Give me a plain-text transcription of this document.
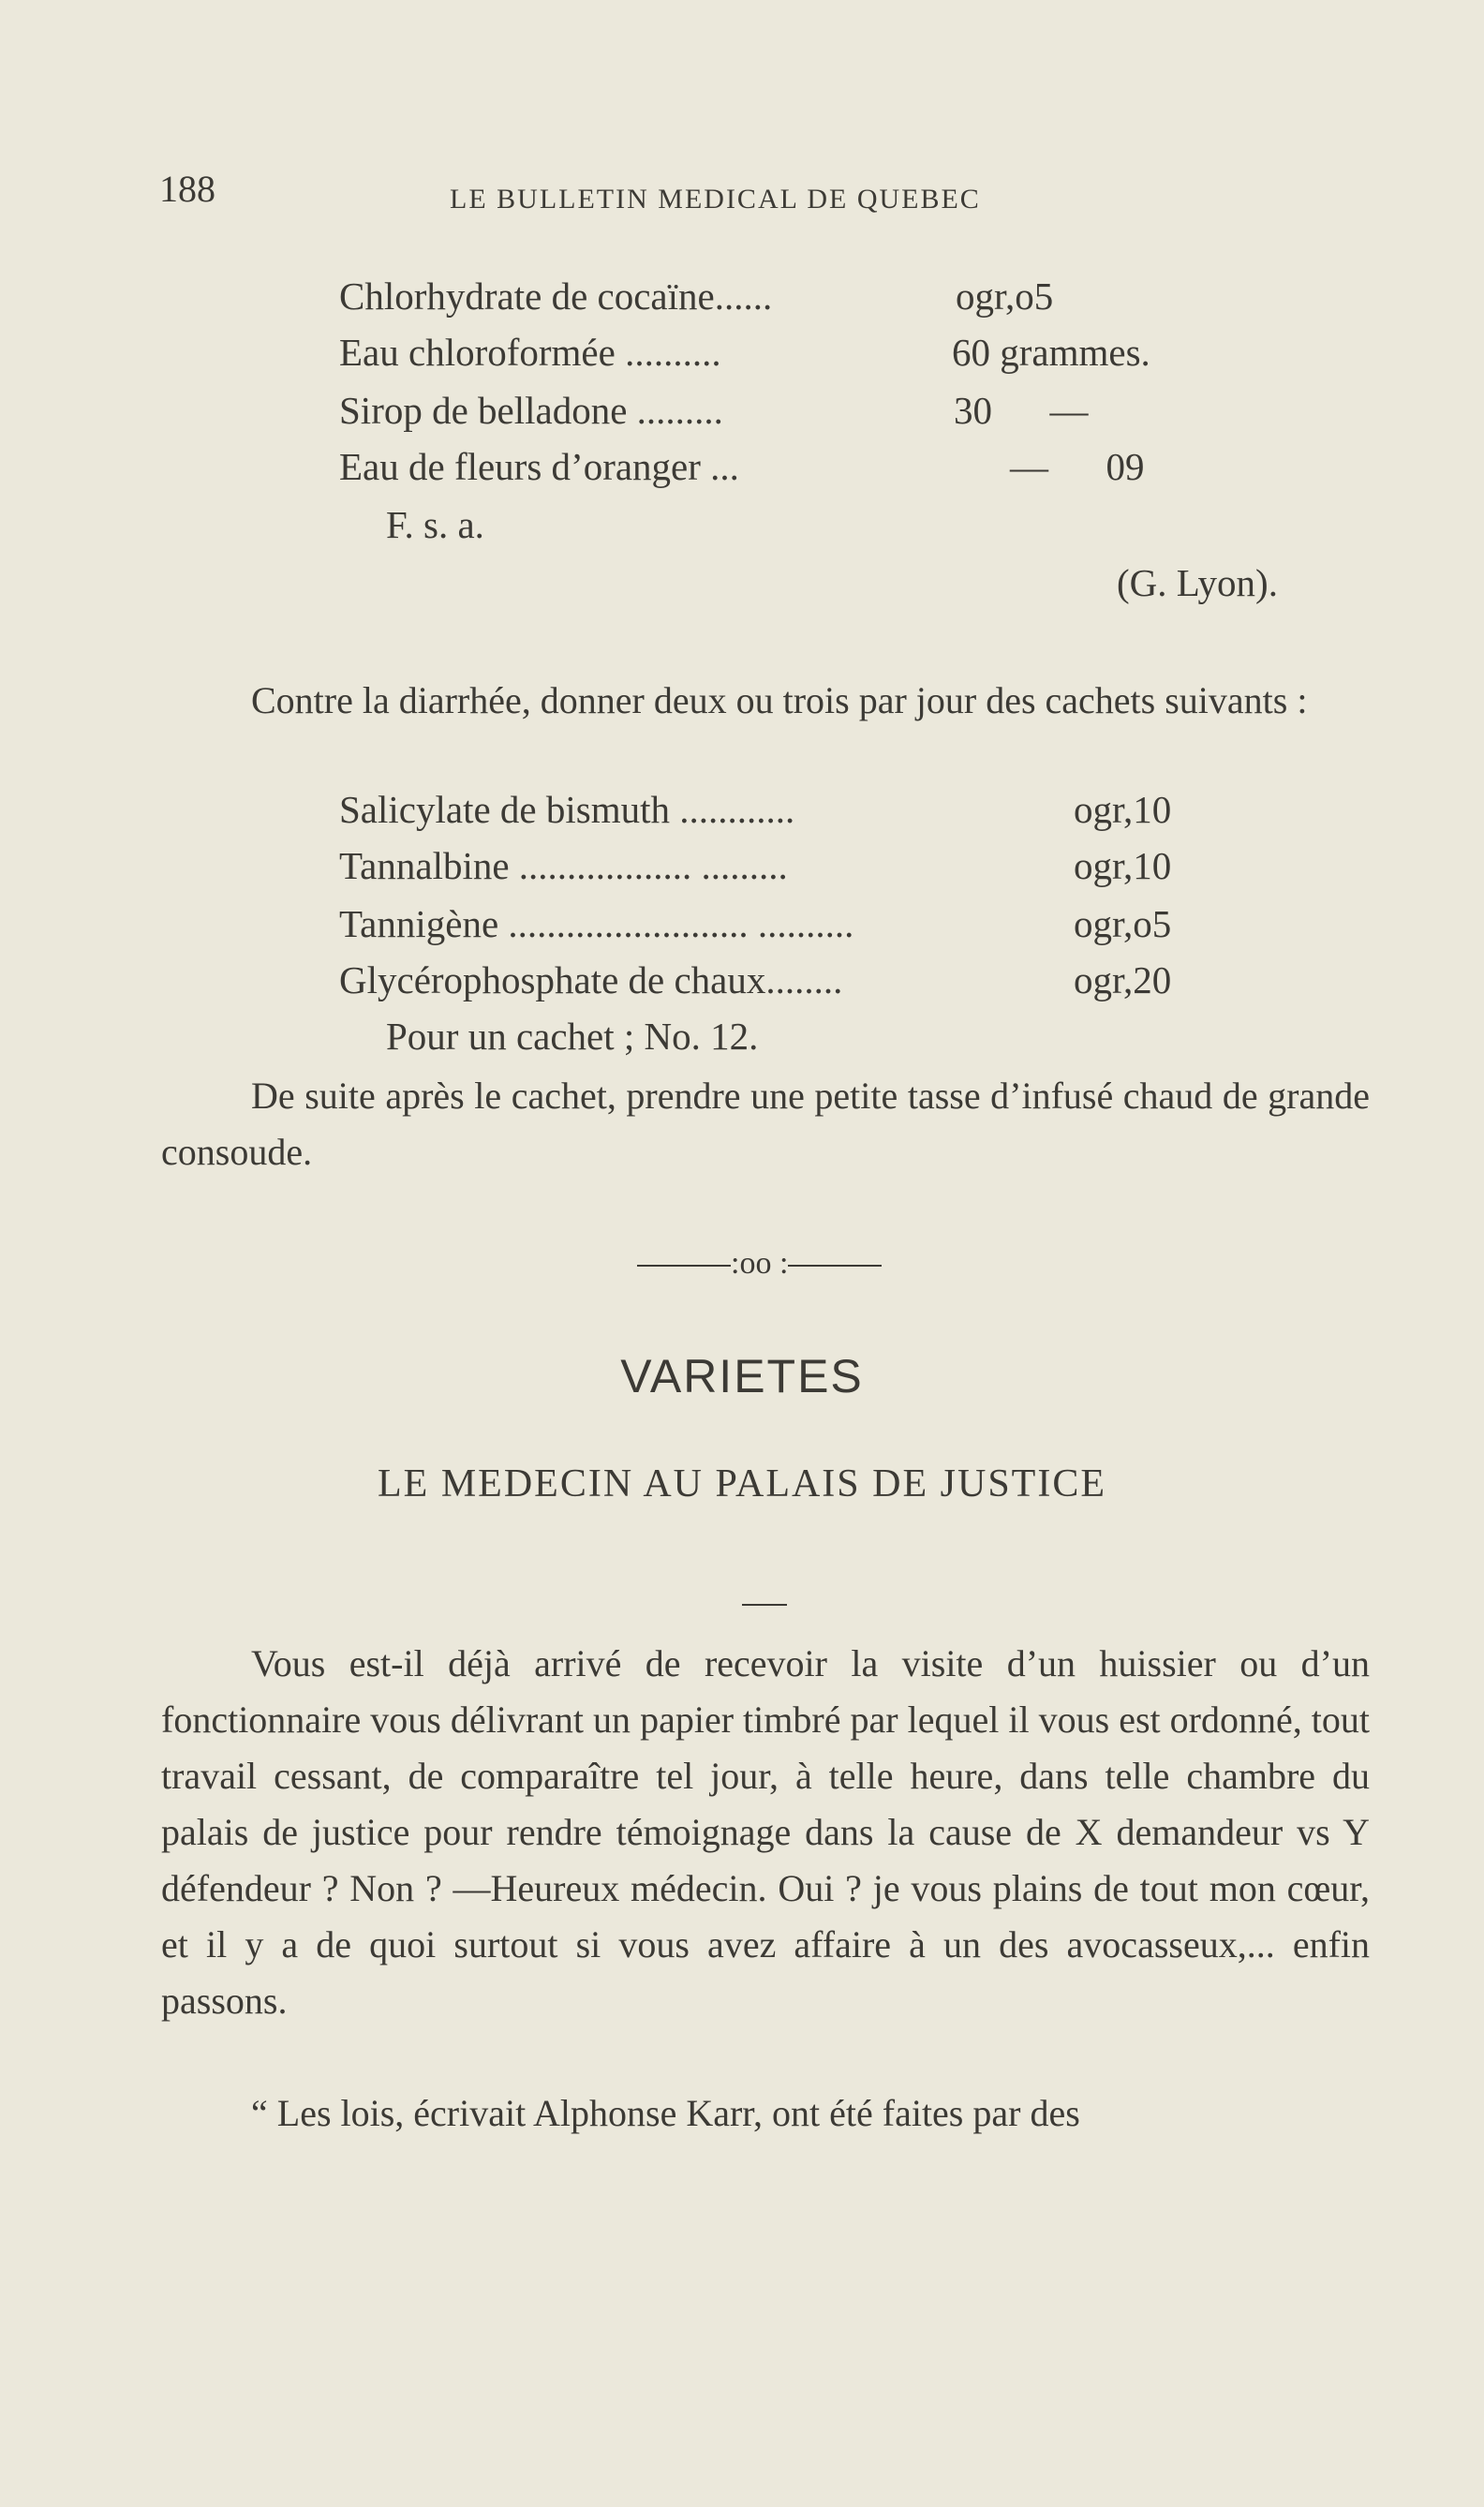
188	LE BULLETIN MEDICAL DE QUEBEC
Chlorhydrate de cocaïne......	ogr,o5
Eau chloroformée ..........	60 grammes.
Sirop de belladone .........	30      —
Eau de fleurs d’oranger ...	—      09
F. s. a.
(G. Lyon).
Contre la diarrhée, donner deux ou trois par jour des cachets suivants :
Salicylate de bismuth ............	ogr,10
Tannalbine .................. .........	ogr,10
Tannigène ......................... ..........	ogr,o5
Glycérophosphate de chaux........	ogr,20
Pour un cachet ; No. 12.
De suite après le cachet, prendre une petite tasse d’infusé chaud de grande consoude.
:oo :
VARIETES
LE MEDECIN AU PALAIS DE JUSTICE
Vous est-il déjà arrivé de recevoir la visite d’un huissier ou d’un fonctionnaire vous délivrant un papier timbré par lequel il vous est ordonné, tout travail cessant, de comparaître tel jour, à telle heure, dans telle chambre du palais de justice pour rendre témoignage dans la cause de X demandeur vs Y défendeur ? Non ? —Heureux médecin. Oui ? je vous plains de tout mon cœur, et il y a de quoi surtout si vous avez affaire à un des avocasseux,... enfin passons.
“ Les lois, écrivait Alphonse Karr, ont été faites par des
